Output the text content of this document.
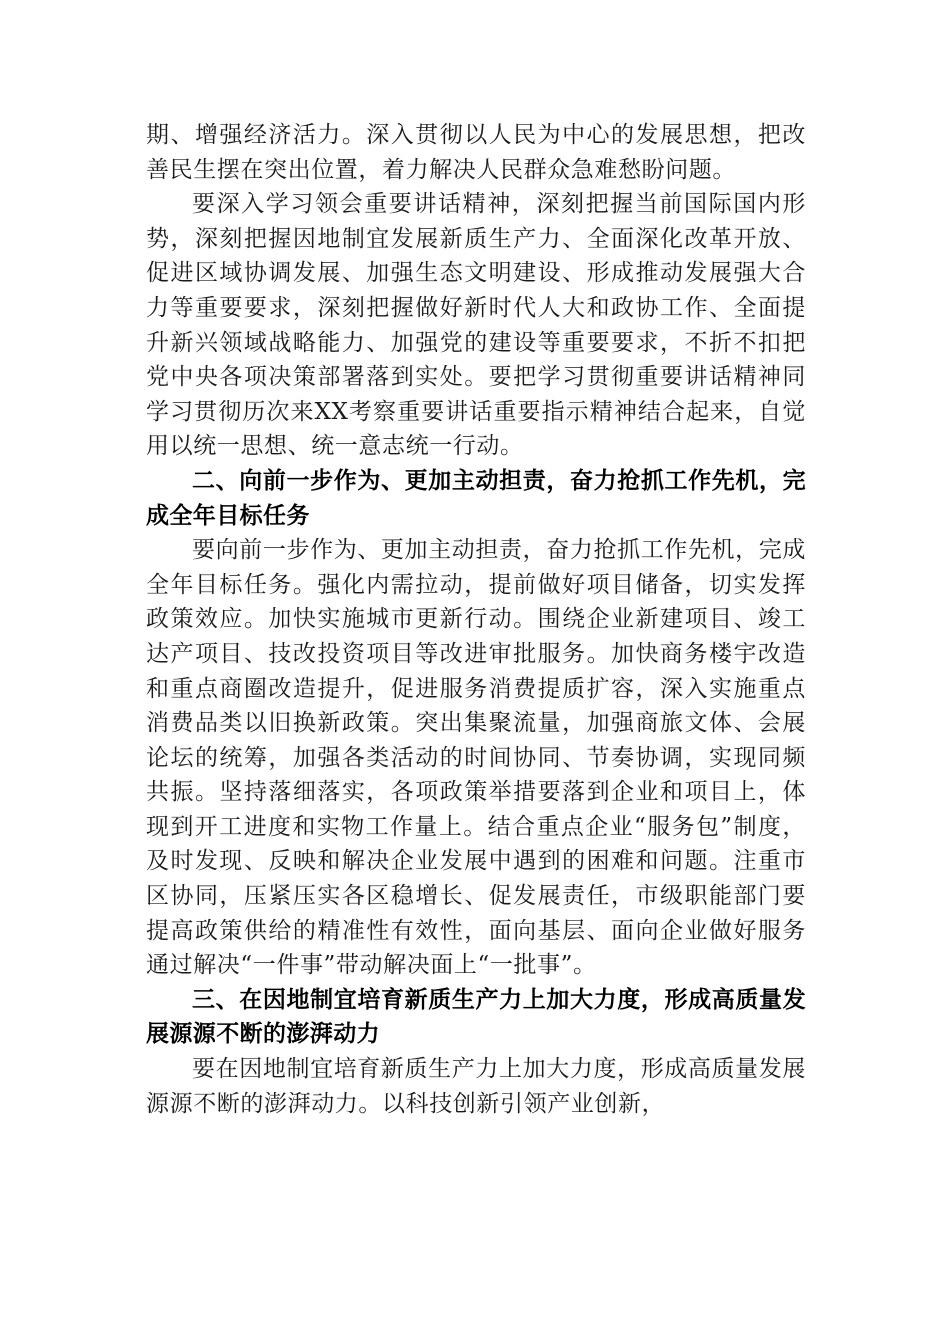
期、增强经济活力。深入贯彻以人民为中心的发展思想，把改善民生摆在突出位置，着力解决人民群众急难愁盼问题。

要深入学习领会重要讲话精神，深刻把握当前国际国内形势，深刻把握因地制宜发展新质生产力、全面深化改革开放、促进区域协调发展、加强生态文明建设、形成推动发展强大合力等重要要求，深刻把握做好新时代人大和政协工作、全面提升新兴领域战略能力、加强党的建设等重要要求，不折不扣把党中央各项决策部署落到实处。要把学习贯彻重要讲话精神同学习贯彻历次来XX考察重要讲话重要指示精神结合起来，自觉用以统一思想、统一意志统一行动。

二、向前一步作为、更加主动担责，奋力抢抓工作先机，完成全年目标任务

要向前一步作为、更加主动担责，奋力抢抓工作先机，完成全年目标任务。强化内需拉动，提前做好项目储备，切实发挥政策效应。加快实施城市更新行动。围绕企业新建项目、竣工达产项目、技改投资项目等改进审批服务。加快商务楼宇改造和重点商圈改造提升，促进服务消费提质扩容，深入实施重点消费品类以旧换新政策。突出集聚流量，加强商旅文体、会展论坛的统筹，加强各类活动的时间协同、节奏协调，实现同频共振。坚持落细落实，各项政策举措要落到企业和项目上，体现到开工进度和实物工作量上。结合重点企业“服务包”制度，及时发现、反映和解决企业发展中遇到的困难和问题。注重市区协同，压紧压实各区稳增长、促发展责任，市级职能部门要提高政策供给的精准性有效性，面向基层、面向企业做好服务通过解决“一件事”带动解决面上“一批事”。

三、在因地制宜培育新质生产力上加大力度，形成高质量发展源源不断的澎湃动力

要在因地制宜培育新质生产力上加大力度，形成高质量发展源源不断的澎湃动力。以科技创新引领产业创新，
